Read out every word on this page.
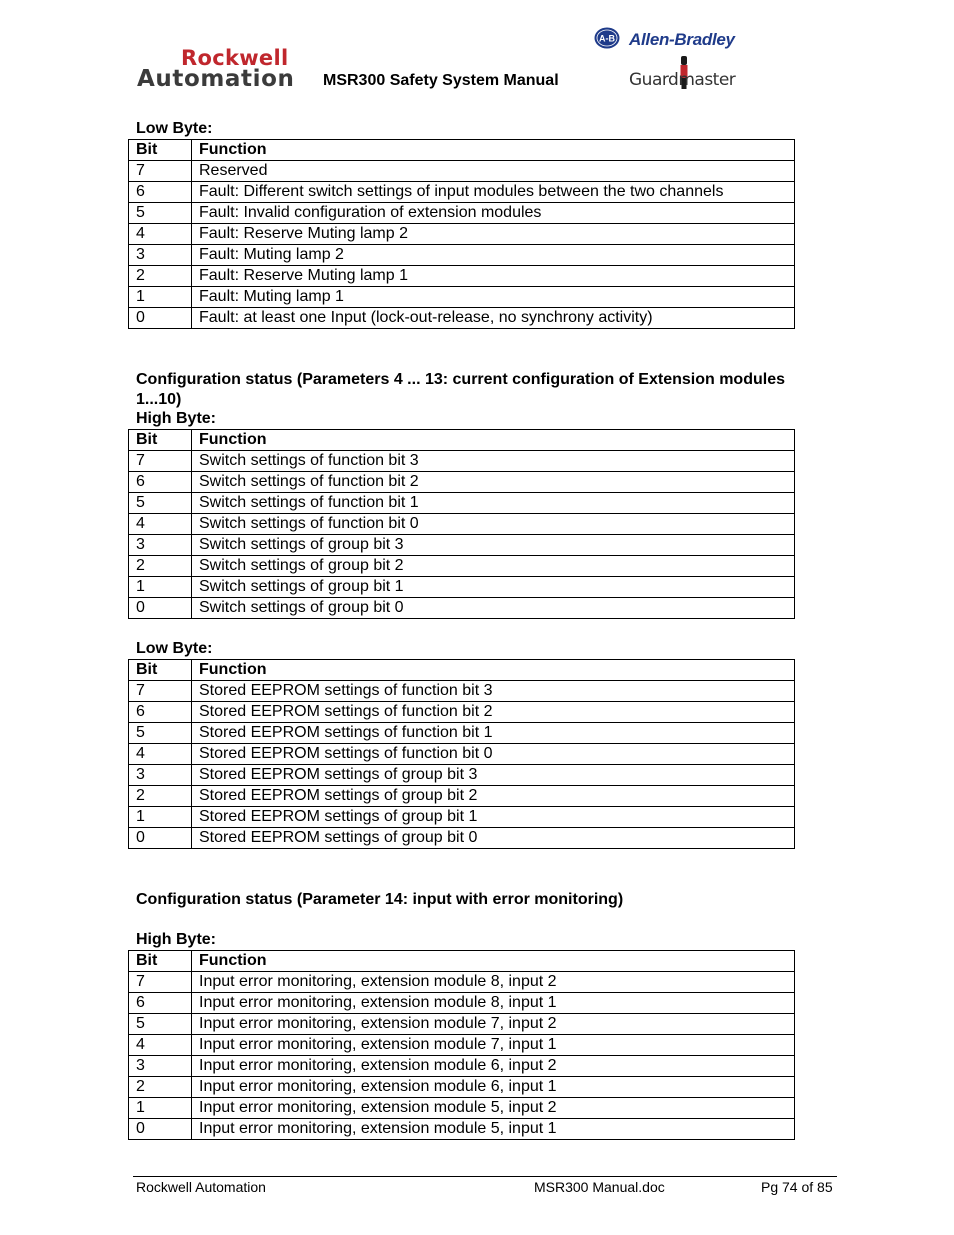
Rockwell
Automation MSR300 Safety System Manual
A-B Allen-Bradley
Guardmaster
Low Byte:
Bit	Function
7	Reserved
6	Fault: Different switch settings of input modules between the two channels
5	Fault: Invalid configuration of extension modules
4	Fault: Reserve Muting lamp 2
3	Fault: Muting lamp 2
2	Fault: Reserve Muting lamp 1
1	Fault: Muting lamp 1
0	Fault: at least one Input (lock-out-release, no synchrony activity)
Configuration status (Parameters 4 ... 13: current configuration of Extension modules 1...10)
High Byte:
Bit	Function
7	Switch settings of function bit 3
6	Switch settings of function bit 2
5	Switch settings of function bit 1
4	Switch settings of function bit 0
3	Switch settings of group bit 3
2	Switch settings of group bit 2
1	Switch settings of group bit 1
0	Switch settings of group bit 0
Low Byte:
Bit	Function
7	Stored EEPROM settings of function bit 3
6	Stored EEPROM settings of function bit 2
5	Stored EEPROM settings of function bit 1
4	Stored EEPROM settings of function bit 0
3	Stored EEPROM settings of group bit 3
2	Stored EEPROM settings of group bit 2
1	Stored EEPROM settings of group bit 1
0	Stored EEPROM settings of group bit 0
Configuration status (Parameter 14: input with error monitoring)
High Byte:
Bit	Function
7	Input error monitoring, extension module 8, input 2
6	Input error monitoring, extension module 8, input 1
5	Input error monitoring, extension module 7, input 2
4	Input error monitoring, extension module 7, input 1
3	Input error monitoring, extension module 6, input 2
2	Input error monitoring, extension module 6, input 1
1	Input error monitoring, extension module 5, input 2
0	Input error monitoring, extension module 5, input 1
Rockwell Automation	MSR300 Manual.doc	Pg 74 of 85
